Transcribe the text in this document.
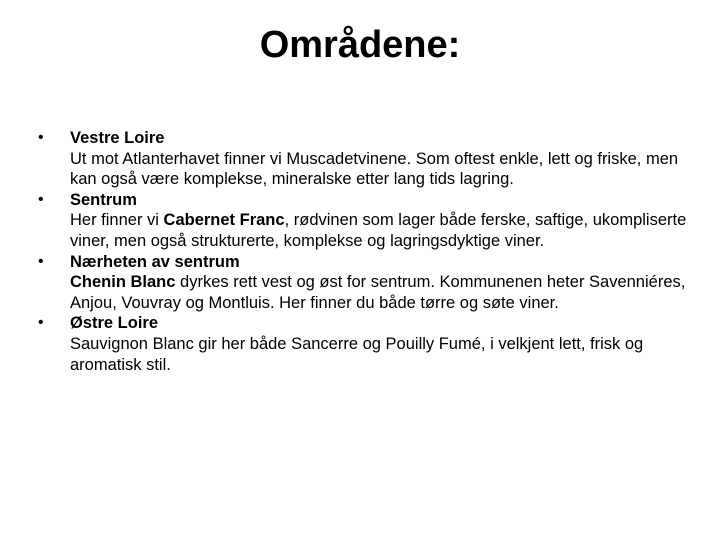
Områdene:
• Vestre Loire
Ut mot Atlanterhavet finner vi Muscadetvinene. Som oftest enkle, lett og friske, men kan også være komplekse, mineralske etter lang tids lagring.
• Sentrum
Her finner vi Cabernet Franc, rødvinen som lager både ferske, saftige, ukompliserte viner, men også strukturerte, komplekse og lagringsdyktige viner.
• Nærheten av sentrum
Chenin Blanc dyrkes rett vest og øst for sentrum. Kommunenen heter Savenniéres, Anjou, Vouvray og Montluis. Her finner du både tørre og søte viner.
• Østre Loire
Sauvignon Blanc gir her både Sancerre og Pouilly Fumé, i velkjent lett, frisk og aromatisk stil.
